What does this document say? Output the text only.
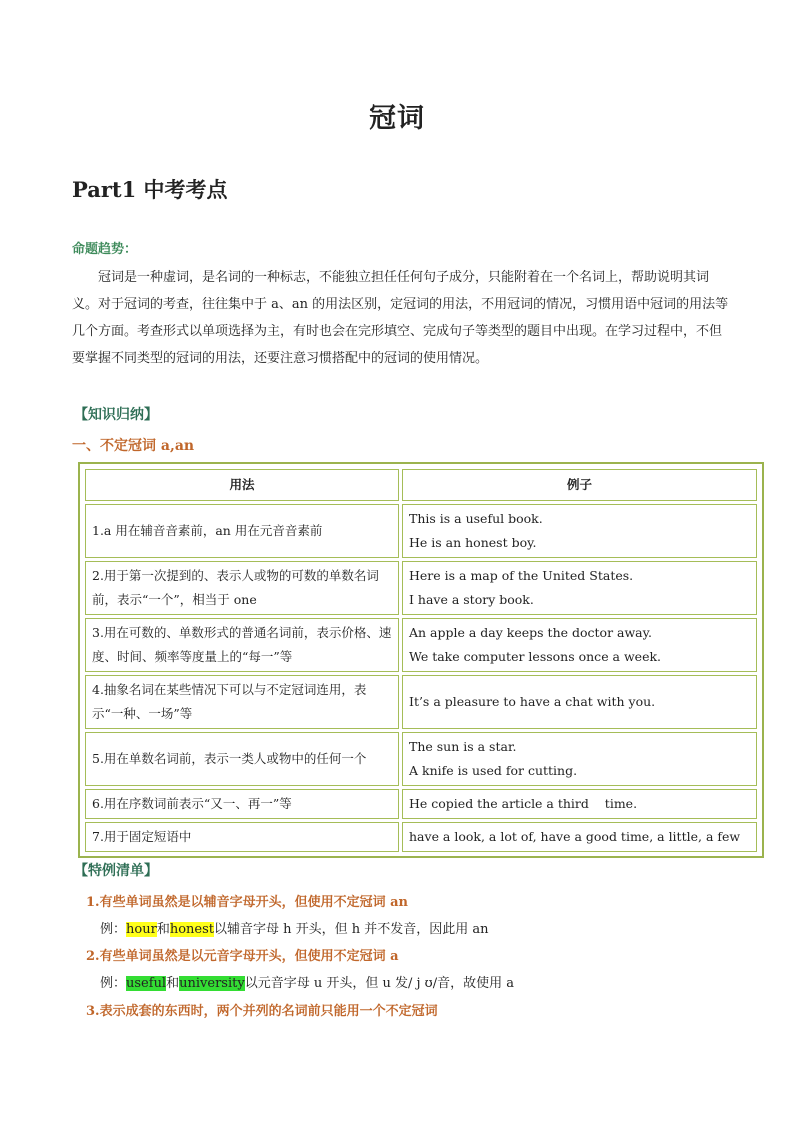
冠词
Part1 中考考点
命题趋势：
冠词是一种虚词，是名词的一种标志，不能独立担任任何句子成分，只能附着在一个名词上，帮助说明其词义。对于冠词的考查，往往集中于 a、an 的用法区别，定冠词的用法，不用冠词的情况，习惯用语中冠词的用法等几个方面。考查形式以单项选择为主，有时也会在完形填空、完成句子等类型的题目中出现。在学习过程中，不但要掌握不同类型的冠词的用法，还要注意习惯搭配中的冠词的使用情况。
【知识归纳】
一、不定冠词 a,an
用法	例子
1.a 用在辅音音素前，an 用在元音音素前	This is a useful book.
He is an honest boy.

2.用于第一次提到的、表示人或物的可数的单数名词前，表示“一个”，相当于 one	Here is a map of the United States.
I have a story book.

3.用在可数的、单数形式的普通名词前，表示价格、速度、时间、频率等度量上的“每一”等	An apple a day keeps the doctor away.
We take computer lessons once a week.

4.抽象名词在某些情况下可以与不定冠词连用，表示“一种、一场”等	It’s a pleasure to have a chat with you.

5.用在单数名词前，表示一类人或物中的任何一个	The sun is a star.
A knife is used for cutting.

6.用在序数词前表示“又一、再一”等	He copied the article a third    time.

7.用于固定短语中	have a look, a lot of, have a good time, a little, a few
【特例清单】
1.有些单词虽然是以辅音字母开头，但使用不定冠词 an
例：hour和honest以辅音字母 h 开头，但 h 并不发音，因此用 an
2.有些单词虽然是以元音字母开头，但使用不定冠词 a
例：useful和university以元音字母 u 开头，但 u 发/ j ʊ/音，故使用 a
3.表示成套的东西时，两个并列的名词前只能用一个不定冠词
